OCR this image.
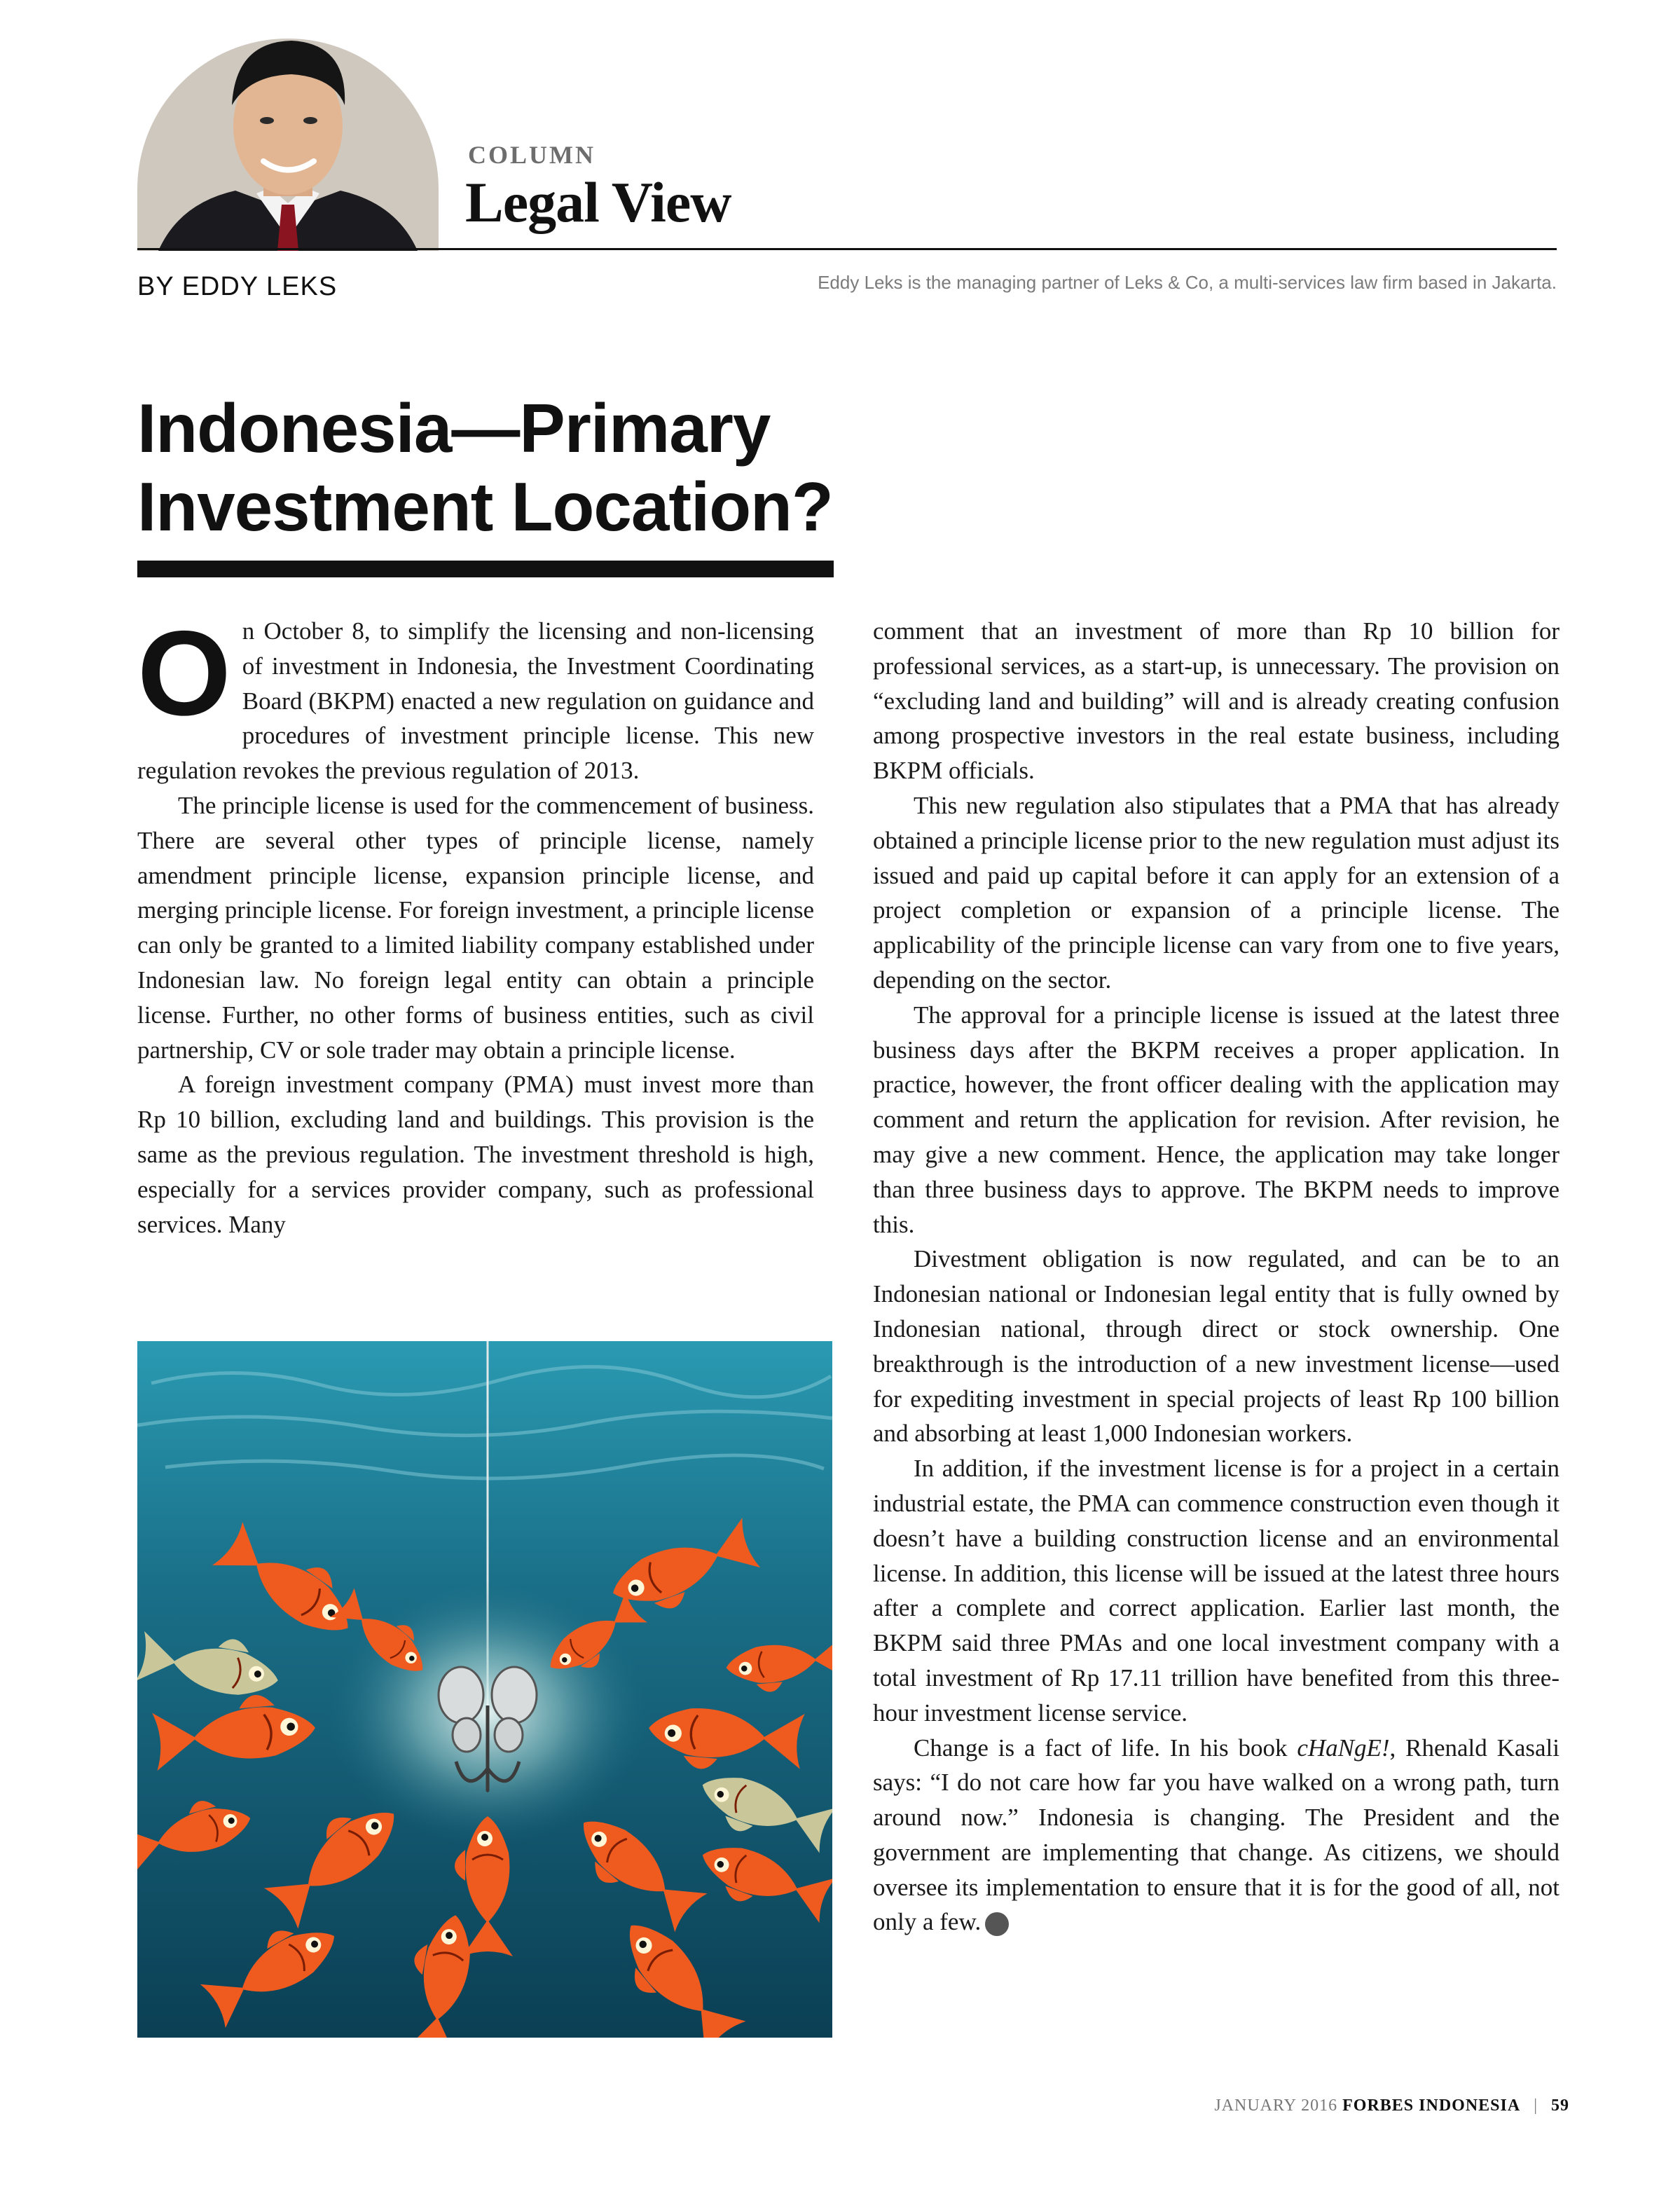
COLUMN
Legal View
BY EDDY LEKS	Eddy Leks is the managing partner of Leks & Co, a multi-services law firm based in Jakarta.
Indonesia—Primary Investment Location?

On October 8, to simplify the licensing and non-licensing of investment in Indonesia, the Investment Coordinating Board (BKPM) enacted a new regulation on guidance and procedures of investment principle license. This new regulation revokes the previous regulation of 2013.

The principle license is used for the commencement of business. There are several other types of principle license, namely amendment principle license, expansion principle license, and merging principle license. For foreign investment, a principle license can only be granted to a limited liability company established under Indonesian law. No foreign legal entity can obtain a principle license. Further, no other forms of business entities, such as civil partnership, CV or sole trader may obtain a principle license.

A foreign investment company (PMA) must invest more than Rp 10 billion, excluding land and buildings. This provision is the same as the previous regulation. The investment threshold is high, especially for a services provider company, such as professional services. Many

comment that an investment of more than Rp 10 billion for professional services, as a start-up, is unnecessary. The provision on “excluding land and building” will and is already creating confusion among prospective investors in the real estate business, including BKPM officials.

This new regulation also stipulates that a PMA that has already obtained a principle license prior to the new regulation must adjust its issued and paid up capital before it can apply for an extension of a project completion or expansion of a principle license. The applicability of the principle license can vary from one to five years, depending on the sector.

The approval for a principle license is issued at the latest three business days after the BKPM receives a proper application. In practice, however, the front officer dealing with the application may comment and return the application for revision. After revision, he may give a new comment. Hence, the application may take longer than three business days to approve. The BKPM needs to improve this.

Divestment obligation is now regulated, and can be to an Indonesian national or Indonesian legal entity that is fully owned by Indonesian national, through direct or stock ownership. One breakthrough is the introduction of a new investment license—used for expediting investment in special projects of least Rp 100 billion and absorbing at least 1,000 Indonesian workers.

In addition, if the investment license is for a project in a certain industrial estate, the PMA can commence construction even though it doesn’t have a building construction license and an environmental license. In addition, this license will be issued at the latest three hours after a complete and correct application. Earlier last month, the BKPM said three PMAs and one local investment company with a total investment of Rp 17.11 trillion have benefited from this three-hour investment license service.

Change is a fact of life. In his book cHaNgE!, Rhenald Kasali says: “I do not care how far you have walked on a wrong path, turn around now.” Indonesia is changing. The President and the government are implementing that change. As citizens, we should oversee its implementation to ensure that it is for the good of all, not only a few.	F

JANUARY 2016 FORBES INDONESIA | 59
